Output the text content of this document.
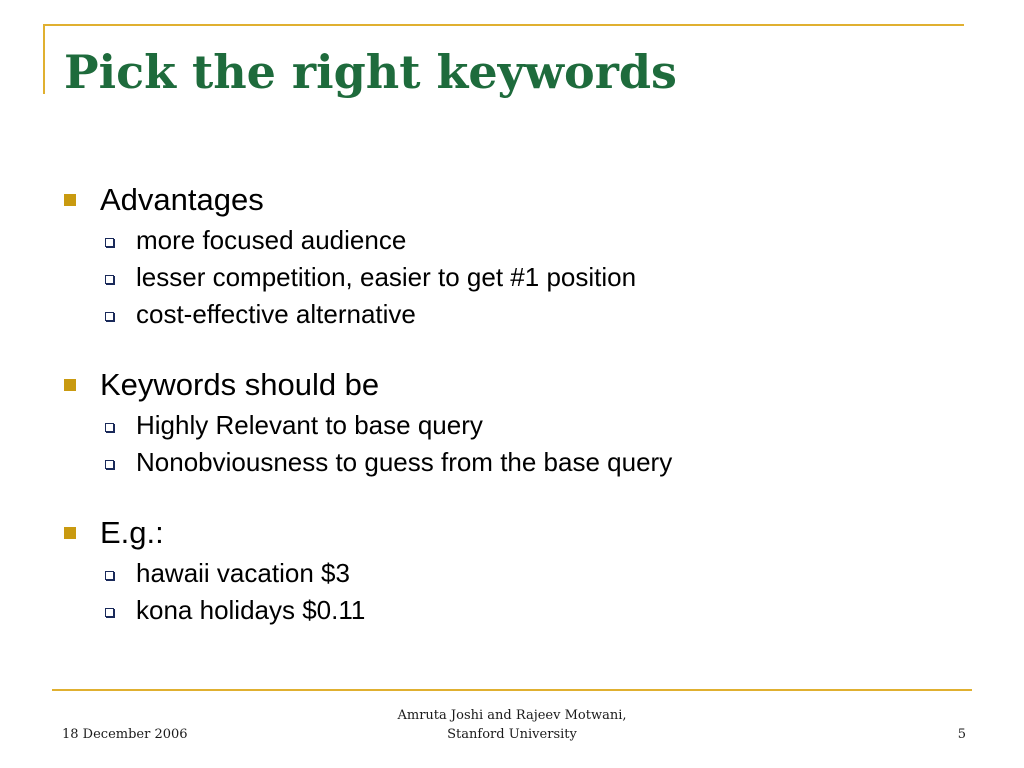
Pick the right keywords
Advantages
more focused audience
lesser competition, easier to get #1 position
cost-effective alternative
Keywords should be
Highly Relevant to base query
Nonobviousness to guess from the base query
E.g.:
hawaii vacation $3
kona holidays $0.11
18 December 2006
Amruta Joshi and Rajeev Motwani,
Stanford University	5
